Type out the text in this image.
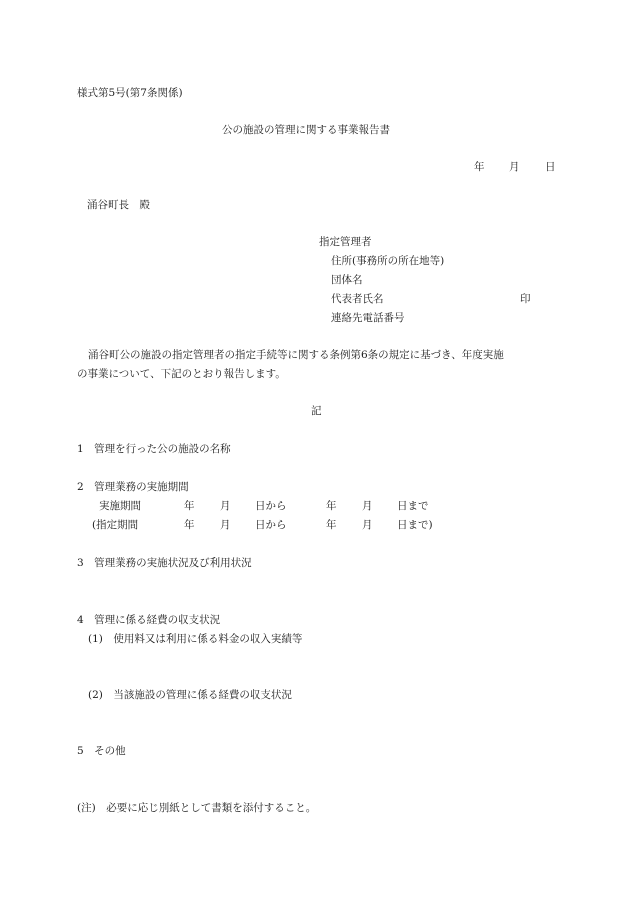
様式第5号(第7条関係)
公の施設の管理に関する事業報告書
年 月 日
涌谷町長　殿
指定管理者
住所(事務所の所在地等)
団体名
代表者氏名	印
連絡先電話番号
涌谷町公の施設の指定管理者の指定手続等に関する条例第6条の規定に基づき、年度実施
の事業について、下記のとおり報告します。
記
1　管理を行った公の施設の名称
2　管理業務の実施期間
実施期間	年 月 日から	年 月 日まで
(指定期間	年 月 日から	年 月 日まで)
3　管理業務の実施状況及び利用状況
4　管理に係る経費の収支状況
(1)　使用料又は利用に係る料金の収入実績等
(2)　当該施設の管理に係る経費の収支状況
5　その他
(注)　必要に応じ別紙として書類を添付すること。
